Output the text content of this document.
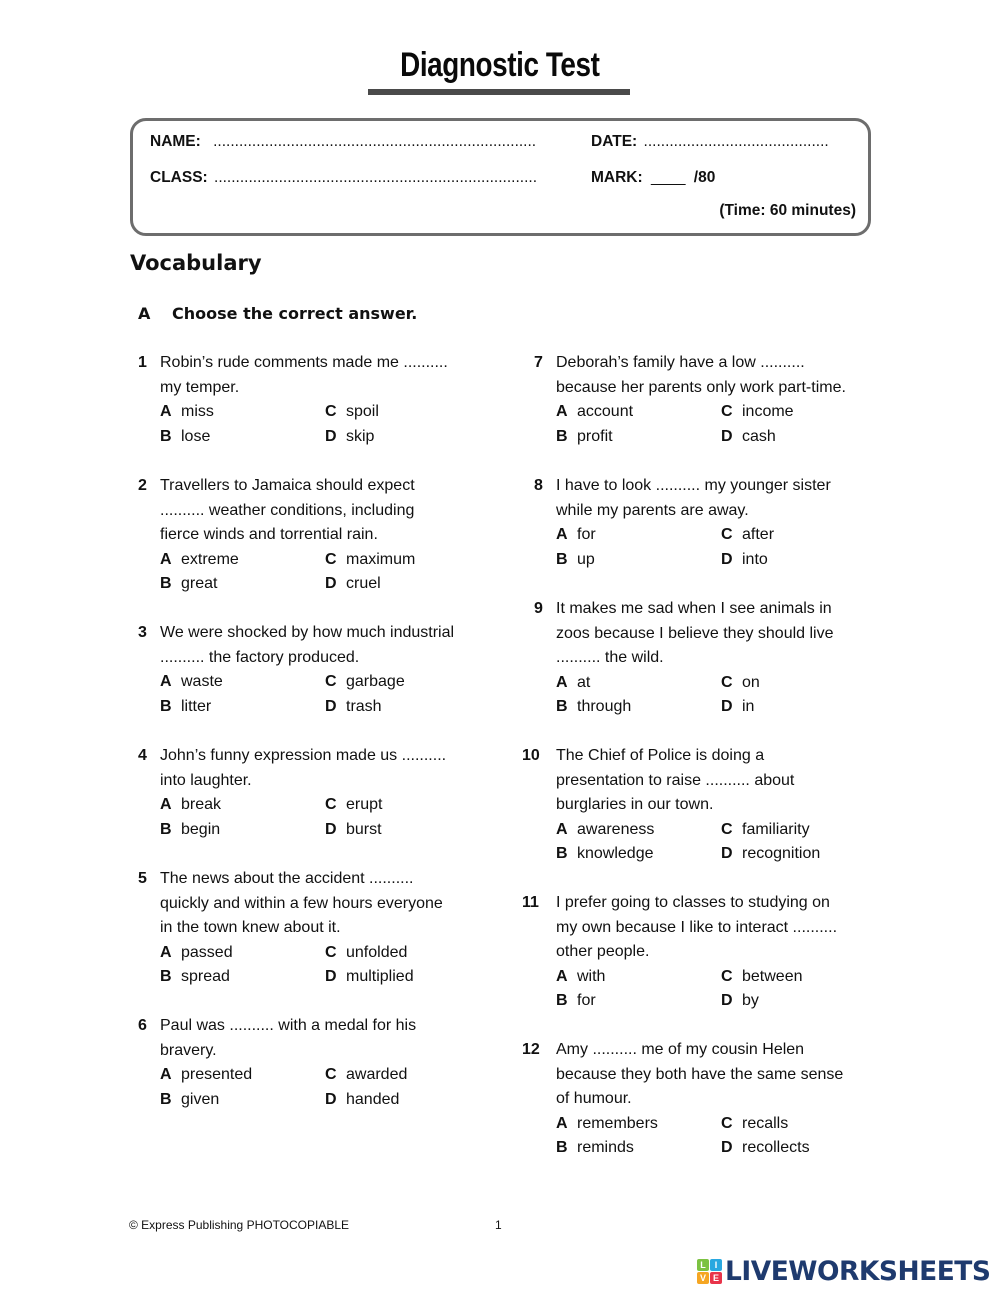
Diagnostic Test
NAME: ...........................................................................	DATE: ...........................................
CLASS: ...........................................................................	MARK: ____ /80
(Time: 60 minutes)
Vocabulary
A Choose the correct answer.
1 Robin’s rude comments made me ..........
my temper.
A miss	C spoil
B lose	D skip
2 Travellers to Jamaica should expect
.......... weather conditions, including
fierce winds and torrential rain.
A extreme	C maximum
B great	D cruel
3 We were shocked by how much industrial
.......... the factory produced.
A waste	C garbage
B litter	D trash
4 John’s funny expression made us ..........
into laughter.
A break	C erupt
B begin	D burst
5 The news about the accident ..........
quickly and within a few hours everyone
in the town knew about it.
A passed	C unfolded
B spread	D multiplied
6 Paul was .......... with a medal for his
bravery.
A presented	C awarded
B given	D handed
7 Deborah’s family have a low ..........
because her parents only work part-time.
A account	C income
B profit	D cash
8 I have to look .......... my younger sister
while my parents are away.
A for	C after
B up	D into
9 It makes me sad when I see animals in
zoos because I believe they should live
.......... the wild.
A at	C on
B through	D in
10 The Chief of Police is doing a
presentation to raise .......... about
burglaries in our town.
A awareness	C familiarity
B knowledge	D recognition
11	I prefer going to classes to studying on
my own because I like to interact ..........
other people.
A with	C between
B for	D by
12 Amy .......... me of my cousin Helen
because they both have the same sense
of humour.
A remembers	C recalls
B reminds	D recollects
© Express Publishing PHOTOCOPIABLE	1
L I
V E LIVEWORKSHEETS
